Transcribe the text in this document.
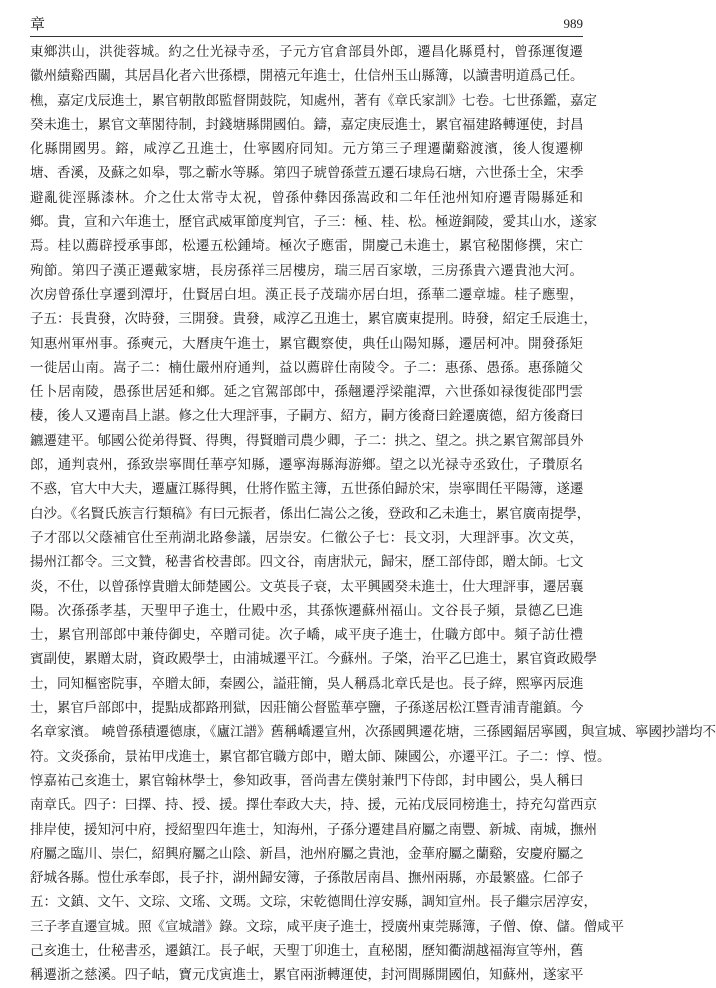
章	989
東鄉洪山，洪徙蓉城。約之仕光禄寺丞，子元方官倉部員外郎，遷昌化縣覓村，曾孫運復遷
徽州績谿西關，其居昌化者六世孫標，開禧元年進士，仕信州玉山縣簿，以讀書明道爲己任。
樵，嘉定戊辰進士，累官朝散郎監督開鼓院，知處州，著有《章氏家訓》七卷。七世孫鑑，嘉定
癸未進士，累官文華閣待制，封錢塘縣開國伯。鑄，嘉定庚辰進士，累官福建路轉運使，封昌
化縣開國男。鎔，咸淳乙丑進士，仕寧國府同知。元方第三子理遷蘭谿渡濱，後人復遷柳
塘、香溪，及蘇之如皋，鄂之蘄水等縣。第四子琥曾孫萱五遷石埭烏石塘，六世孫士全，宋季
避亂徙涇縣漆林。介之仕太常寺太祝，曾孫仲彝因孫嵩政和二年任池州知府遷青陽縣延和
鄉。貴，宣和六年進士，歷官武威軍節度判官，子三：極、桂、松。極遊銅陵，愛其山水，遂家
焉。桂以薦辟授承事郎，松遷五松鍾埼。極次子應雷，開慶己未進士，累官秘閣修撰，宋亡
殉節。第四子漢正遷戴家塘，長房孫祥三居樓房，瑞三居百家墩，三房孫貴六遷貴池大河。
次房曾孫仕享遷到潭圩，仕賢居白坦。漢正長子茂瑞亦居白坦，孫華二遷章墟。桂子應聖，
子五：長貴發，次時發，三開發。貴發，咸淳乙丑進士，累官廣東提刑。時發，紹定壬辰進士，
知惠州軍州事。孫奭元，大曆庚午進士，累官觀察使，典任山陽知縣，遷居柯冲。開發孫矩
一徙居山南。嵩子二：楠仕嚴州府通判，益以薦辟仕南陵令。子二：惠孫、愚孫。惠孫隨父
任卜居南陵，愚孫世居延和鄉。延之官駕部郎中，孫翹遷浮梁龍潭，六世孫如禄復徙邵門雲
棲，後人又遷南昌上諶。修之仕大理評事，子嗣方、紹方，嗣方後裔曰銓遷廣德，紹方後裔曰
鑣遷建平。郇國公從弟得賢、得輿，得賢贈司農少卿，子二：拱之、望之。拱之累官駕部員外
郎，通判袁州，孫致崇寧間任華亭知縣，遷寧海縣海游鄉。望之以光禄寺丞致仕，子瓚原名
不惑，官大中大夫，遷廬江縣得興，仕將作監主簿，五世孫伯歸於宋，崇寧間任平陽簿，遂遷
白沙。《名賢氏族言行類稿》有曰元振者，係出仁嵩公之後，登政和乙未進士，累官廣南提學，
子才邵以父蔭補官仕至荊湖北路參議，居崇安。仁徹公子七：長文羽，大理評事。次文英，
揚州江都令。三文贊，秘書省校書郎。四文谷，南唐狀元，歸宋，歷工部侍郎，贈太師。七文
炎，不仕，以曾孫惇貴贈太師楚國公。文英長子衰，太平興國癸未進士，仕大理評事，遷居襄
陽。次孫孫孝基，天聖甲子進士，仕殿中丞，其孫恢遷蘇州福山。文谷長子頻，景德乙巳進
士，累官刑部郎中兼侍御史，卒贈司徒。次子嶠，咸平庚子進士，仕職方郎中。頻子訪仕禮
賓副使，累贈太尉，資政殿學士，由浦城遷平江。今蘇州。子棨，治平乙巳進士，累官資政殿學
士，同知樞密院事，卒贈太師，秦國公，謚莊簡，吳人稱爲北章氏是也。長子縡，熙寧丙辰進
士，累官戶部郎中，提點成都路刑獄，因莊簡公督監華亭鹽，子孫遂居松江暨青浦青龍鎮。今
名章家濱。 嶢曾孫積遷德康，《廬江譜》舊稱嶠遷宣州，次孫國興遷花塘，三孫國鍢居寧國，與宣城、寧國抄譜均不
符。文炎孫俞，景祐甲戌進士，累官都官職方郎中，贈太師、陳國公，亦遷平江。子二：惇、愷。
惇嘉祐己亥進士，累官翰林學士，參知政事，晉尚書左僕射兼門下侍郎，封申國公，吳人稱曰
南章氏。四子：曰擇、持、授、援。擇仕奉政大夫，持、援，元祐戊辰同榜進士，持充勾當西京
排岸使，援知河中府，授紹聖四年進士，知海州，子孫分遷建昌府屬之南豐、新城、南城，撫州
府屬之臨川、崇仁，紹興府屬之山陰、新昌，池州府屬之貴池，金華府屬之蘭谿，安慶府屬之
舒城各縣。愷仕承奉郎，長子抃，湖州歸安簿，子孫散居南昌、撫州兩縣，亦最繁盛。仁郃子
五：文鎮、文午、文琮、文瑤、文瑪。文琮，宋乾德間仕淳安縣，調知宣州。長子繼宗居淳安，
三子孝直遷宣城。照《宣城譜》錄。文琮，咸平庚子進士，授廣州東莞縣簿，子僧、僚、儲。僧咸平
己亥進士，仕秘書丞，遷鎮江。長子岷，天聖丁卯進士，直秘閣，歷知衢湖越福海宣等州，舊
稱遷浙之慈溪。四子岵，寶元戊寅進士，累官兩浙轉運使，封河間縣開國伯，知蘇州，遂家平
